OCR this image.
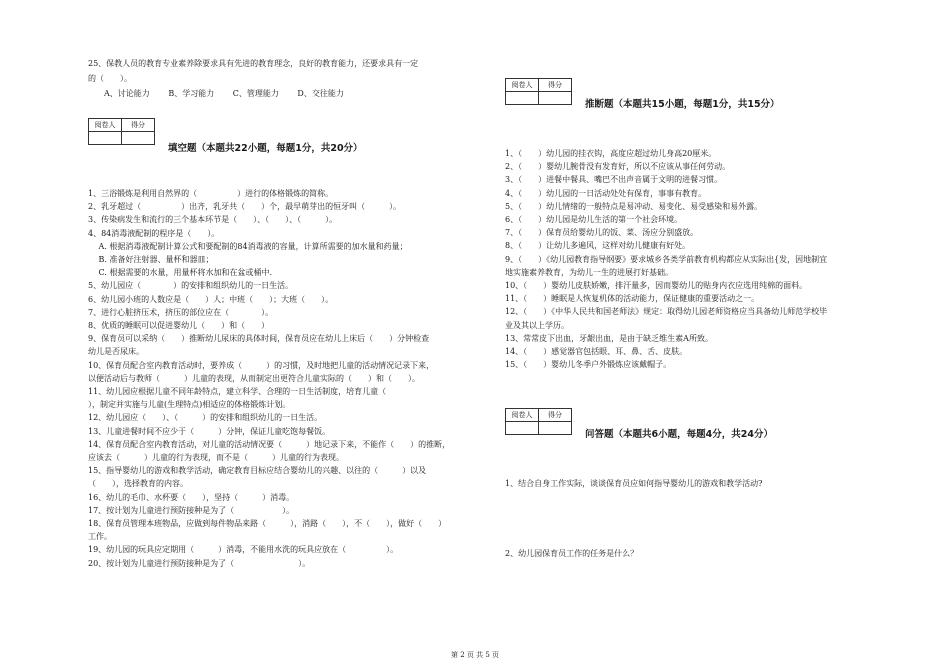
25、保教人员的教育专业素养除要求具有先进的教育理念，良好的教育能力，还要求具有一定
的（　　）。
A、讨论能力　　 B、学习能力　　 C、管理能力　　 D、交往能力
阅卷人	得分

填空题（本题共22小题，每题1分，共20分）
1、三浴锻炼是利用自然界的（　　　　　）进行的体格锻炼的简称。
2、乳牙超过（　　　　　）出齐，乳牙共（　　）个，最早萌芽出的恒牙叫（　　　）。
3、传染病发生和流行的三个基本环节是（　　）、（　　）、（　　　）。
4、84消毒液配制的程序是（　　）。
　 A. 根据消毒液配制计算公式和要配制的84消毒液的容量，计算所需要的加水量和药量；
　 B. 准备好注射器、量杯和器皿；
　 C. 根据需要的水量，用量杯将水加和在盆或桶中.
5、幼儿园应（　　　　）的安排和组织幼儿的一日生活。
6、幼儿园小班的人数应是（　　）人；中班（　　）；大班（　　）。
7、进行心脏挤压术，挤压的部位应在（　　　　）。
8、优质的睡眠可以促进婴幼儿（　　）和（　　）
9、保育员可以采纳（　　）推断幼儿尿床的具体时间，保育员应在幼儿上床后（　　）分钟检查
幼儿是否尿床。
10、保育员配合室内教育活动时，要养成（　　　）的习惯，及时地把儿童的活动情况记录下来，
以便活动后与教师（　　　）儿童的表现，从而制定出更符合儿童实际的（　　）和（　　）。
11、幼儿园应根据儿童不同年龄特点，建立科学、合理的一日生活制度，培育儿童（　　　
），制定并实施与儿童(生理特点)相适应的体格锻炼计划。
12、幼儿园应（　　）、（　　　）的安排和组织幼儿的一日生活。
13、儿童进餐时间不应少于（　　　）分钟，保证儿童吃饱每餐饭。
14、保育员配合室内教育活动，对儿童的活动情况要（　　　）地记录下来，不能作（　　）的推断，
应该去（　　　）儿童的行为表现，而不是（　　　）儿童的行为表现。
15、指导婴幼儿的游戏和教学活动，确定教育目标应结合婴幼儿的兴趣、以往的（　　　）以及
（　　），选择教育的内容。
16、幼儿的毛巾、水杯要（　　），坚持（　　　）消毒。
17、按计划为儿童进行预防接种是为了（　　　　　　）。
18、保育员管理本班物品，应做到每件物品来路（　　　），消路（　　），不（　　），做好（　　）
工作。
19、幼儿园的玩具应定期用（　　　）消毒，不能用水洗的玩具应放在（　　　　　）。
20、按计划为儿童进行预防接种是为了（　　　　　　　　）。
阅卷人	得分

推断题（本题共15小题，每题1分，共15分）
1、（　　）幼儿园的挂衣钩，高度应超过幼儿身高20厘米。
2、（　　）婴幼儿腕骨没有发育好，所以不应该从事任何劳动。
3、（　　）进餐中餐具、嘴巴不出声音属于文明的进餐习惯。
4、（　　）幼儿园的一日活动处处有保育，事事有教育。
5、（　　）幼儿情绪的一般特点是易冲动、易变化、易受感染和易外露。
6、（　　）幼儿园是幼儿生活的第一个社会环境。
7、（　　）保育员给婴幼儿的饭、菜、汤应分别盛放。
8、（　　）让幼儿多遍风，这样对幼儿健康有好处。
9、（　　）《幼儿园教育指导纲要》要求城乡各类学前教育机构都应从实际出{发，因地制宜
地实施素养教育，为幼儿一生的进展打好基础。
10、（　　）婴幼儿皮肤娇嫩，排汗量多，因而婴幼儿的贴身内衣应选用纯棉的面料。
11、（　　）睡眠是人恢复机体的活动能力，保证健康的重要活动之一。
12、（　　）《中华人民共和国老师法》规定：取得幼儿园老师资格应当具备幼儿师范学校毕
业及其以上学历。
13、常常皮下出血，牙龈出血，是由于缺乏维生素A所致。
14、（　　）感觉器官包括眼、耳、鼻、舌、皮肤。
15、（　　）婴幼儿冬季户外锻炼应该戴帽子。
阅卷人	得分

问答题（本题共6小题，每题4分，共24分）
1、结合自身工作实际，谈谈保育员应如何指导婴幼儿的游戏和教学活动?
2、幼儿园保育员工作的任务是什么？
第 2 页 共 5 页
